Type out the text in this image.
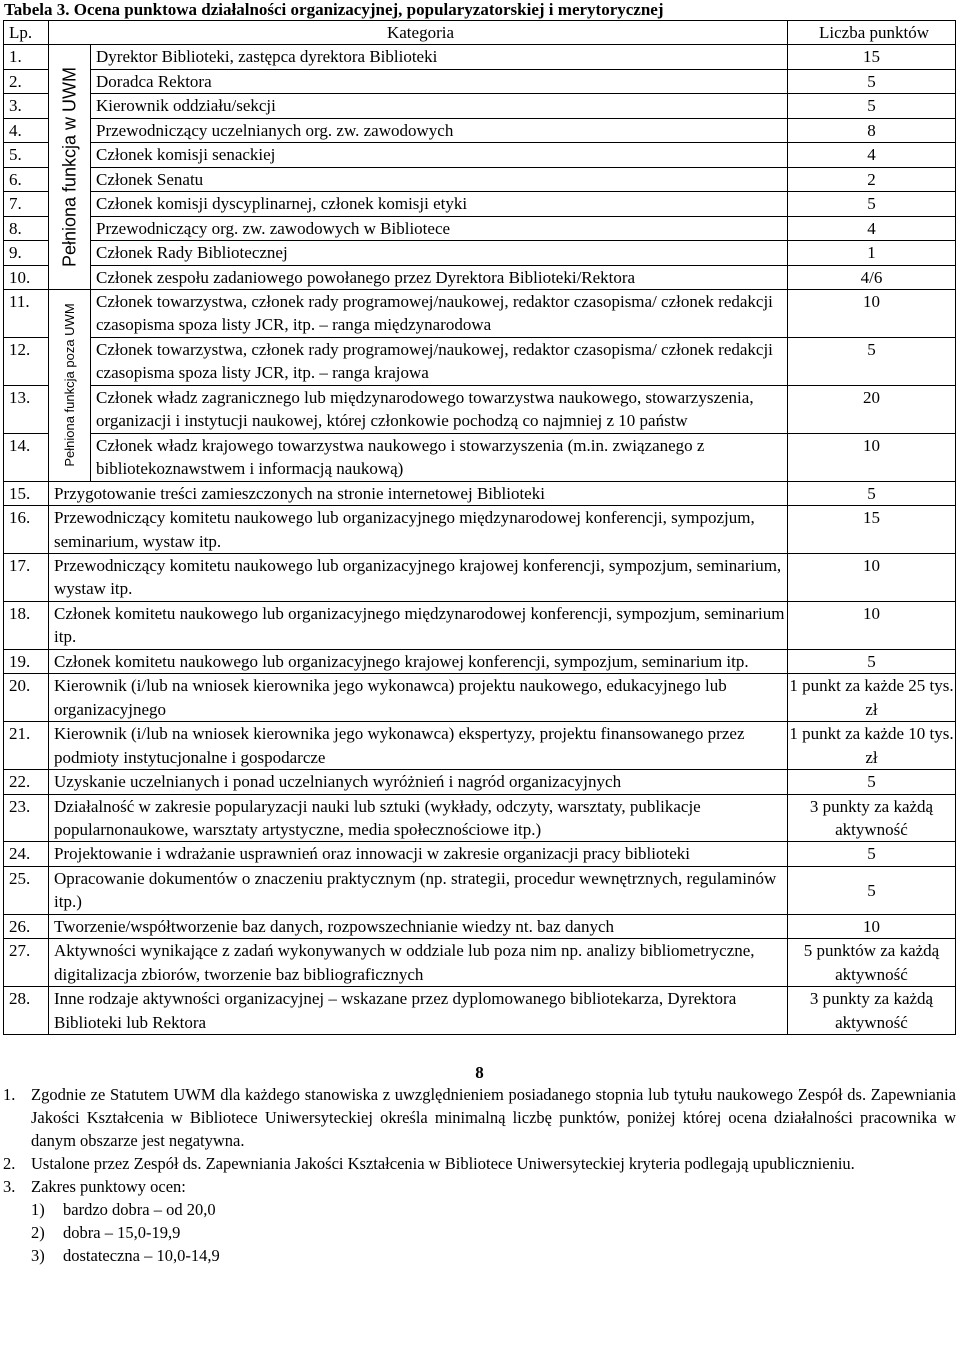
Tabela 3. Ocena punktowa działalności organizacyjnej, popularyzatorskiej i merytorycznej
Lp.	Kategoria		Liczba punktów
1.	Pełniona funkcja w UWM	Dyrektor Biblioteki, zastępca dyrektora Biblioteki	15
2.		Doradca Rektora	5
3.		Kierownik oddziału/sekcji	5
4.		Przewodniczący uczelnianych org. zw. zawodowych	8
5.		Członek komisji senackiej	4
6.		Członek Senatu	2
7.		Członek komisji dyscyplinarnej, członek komisji etyki	5
8.		Przewodniczący org. zw. zawodowych w Bibliotece	4
9.		Członek Rady Bibliotecznej	1
10.		Członek zespołu zadaniowego powołanego przez Dyrektora Biblioteki/Rektora	4/6
11.	Pełniona funkcja poza UWM	Członek towarzystwa, członek rady programowej/naukowej, redaktor czasopisma/ członek redakcji czasopisma spoza listy JCR, itp. – ranga międzynarodowa	10
12.		Członek towarzystwa, członek rady programowej/naukowej, redaktor czasopisma/ członek redakcji czasopisma spoza listy JCR, itp. – ranga krajowa	5
13.		Członek władz zagranicznego lub międzynarodowego towarzystwa naukowego, stowarzyszenia, organizacji i instytucji naukowej, której członkowie pochodzą co najmniej z 10 państw	20
14.		Członek władz krajowego towarzystwa naukowego i stowarzyszenia (m.in. związanego z bibliotekoznawstwem i informacją naukową)	10
15.	Przygotowanie treści zamieszczonych na stronie internetowej Biblioteki		5
16.	Przewodniczący komitetu naukowego lub organizacyjnego międzynarodowej konferencji, sympozjum, seminarium, wystaw itp.		15
17.	Przewodniczący komitetu naukowego lub organizacyjnego krajowej konferencji, sympozjum, seminarium, wystaw itp.		10
18.	Członek komitetu naukowego lub organizacyjnego międzynarodowej konferencji, sympozjum, seminarium itp.		10
19.	Członek komitetu naukowego lub organizacyjnego krajowej konferencji, sympozjum, seminarium itp.		5
20.	Kierownik (i/lub na wniosek kierownika jego wykonawca) projektu naukowego, edukacyjnego lub organizacyjnego		1 punkt za każde 25 tys. zł
21.	Kierownik (i/lub na wniosek kierownika jego wykonawca) ekspertyzy, projektu finansowanego przez podmioty instytucjonalne i gospodarcze		1 punkt za każde 10 tys. zł
22.	Uzyskanie uczelnianych i ponad uczelnianych wyróżnień i nagród organizacyjnych		5
23.	Działalność w zakresie popularyzacji nauki lub sztuki (wykłady, odczyty, warsztaty, publikacje popularnonaukowe, warsztaty artystyczne, media społecznościowe itp.)		3 punkty za każdą aktywność
24.	Projektowanie i wdrażanie usprawnień oraz innowacji w zakresie organizacji pracy biblioteki		5
25.	Opracowanie dokumentów o znaczeniu praktycznym (np. strategii, procedur wewnętrznych, regulaminów itp.)		5
26.	Tworzenie/współtworzenie baz danych, rozpowszechnianie wiedzy nt. baz danych		10
27.	Aktywności wynikające z zadań wykonywanych w oddziale lub poza nim np. analizy bibliometryczne, digitalizacja zbiorów, tworzenie baz bibliograficznych		5 punktów za każdą aktywność
28.	Inne rodzaje aktywności organizacyjnej – wskazane przez dyplomowanego bibliotekarza, Dyrektora Biblioteki lub Rektora		3 punkty za każdą aktywność
8
1. Zgodnie ze Statutem UWM dla każdego stanowiska z uwzględnieniem posiadanego stopnia lub tytułu naukowego Zespół ds. Zapewniania Jakości Kształcenia w Bibliotece Uniwersyteckiej określa minimalną liczbę punktów, poniżej której ocena działalności pracownika w danym obszarze jest negatywna.
2. Ustalone przez Zespół ds. Zapewniania Jakości Kształcenia w Bibliotece Uniwersyteckiej kryteria podlegają upublicznieniu.
3. Zakres punktowy ocen:
1)	bardzo dobra – od 20,0
2)	dobra – 15,0-19,9
3)	dostateczna – 10,0-14,9
